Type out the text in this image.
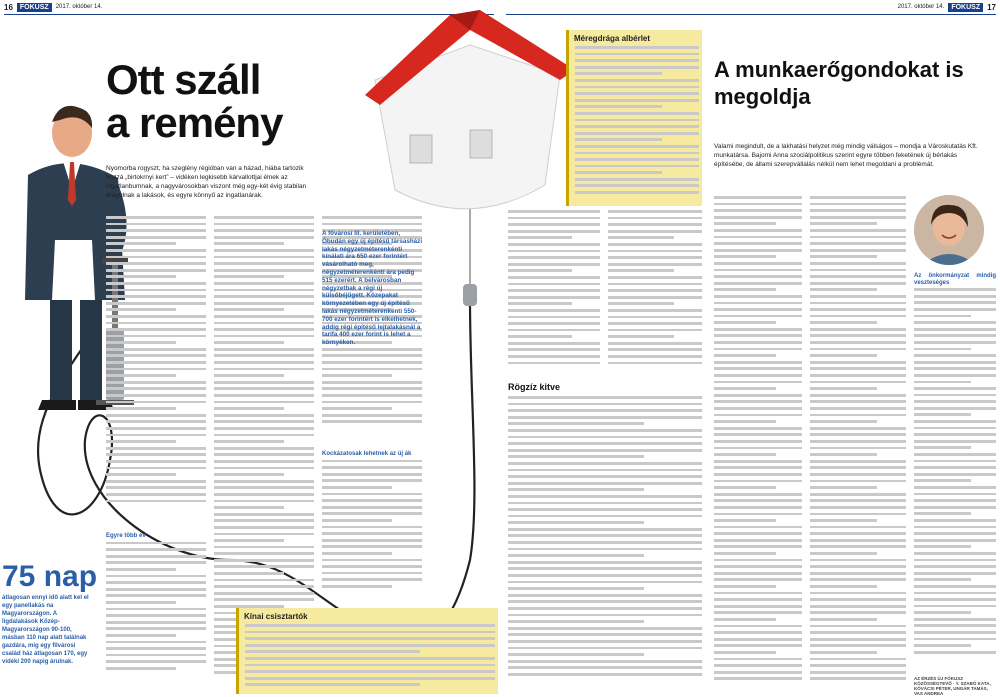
16	FÓKUSZ	2017. október 14.	2017. október 14.	FÓKUSZ 17
Ott száll
a remény
Nyomorba rogyszt, ha szeglény régióban van a házad, hiába tartozik hozzá „birtokrnyi kert” – vidéken legkisebb kárvallottjai élnek az ingatlanbumnak, a nagyvárosokban viszont még egy-két évig stabilan drágulnak a lakások, és egyre könnyű az ingatlanárak.
Egyre több év
A fővárosi III. kerületében, Óbudán egy új építésű társasházi lakás négyzetméterenkénti kínálati ára 650 ezer forintért vásárolható meg, négyzetméterenkénti ára pedig 515 ezerért. A belvárosban négyzetbak a régi új külsőbéjűgett. Közepakat környezetében egy új építésű lakás négyzetméterenkénti 550-700 ezer forintért is elkelhetnek, addig régi építésű lejtalakásnál a tarifa 400 ezer forint is lehet a környéken.
Kockázatosak lehetnek az új ák
75 nap
átlagosan ennyi idő alatt kel el egy panellakás na Magyarországon. A ligdalakások Közép-Magyarországon 90-100, másban 110 nap alatt találnak gazdára, míg egy filvárosi család ház átlagosan 170, egy vidéki 200 napig árulnak.
Kínai csisztartók
Méregdrága albérlet
Rögzíz kitve
A munkaerőgondokat is
megoldja
Valami megindult, de a lakhatási helyzet még mindig válságos – mondja a Városkutatás Kft. munkatársa. Bajomi Anna szociálpolitikus szerint egyre többen feketének új bérlakás építésébe, de állami szerepvállalás nélkül nem lehet megoldani a problémát.
Az önkormányzat mindig veszteséges
AZ ÉRZÉS ÚJ FÓKUSZ KÖZÖSSÉGTEVŐ · Y. SZABÓ KATA, KÓVÁCSI PÉTER, UNGÁR TAMÁS, VAS ANDREA
